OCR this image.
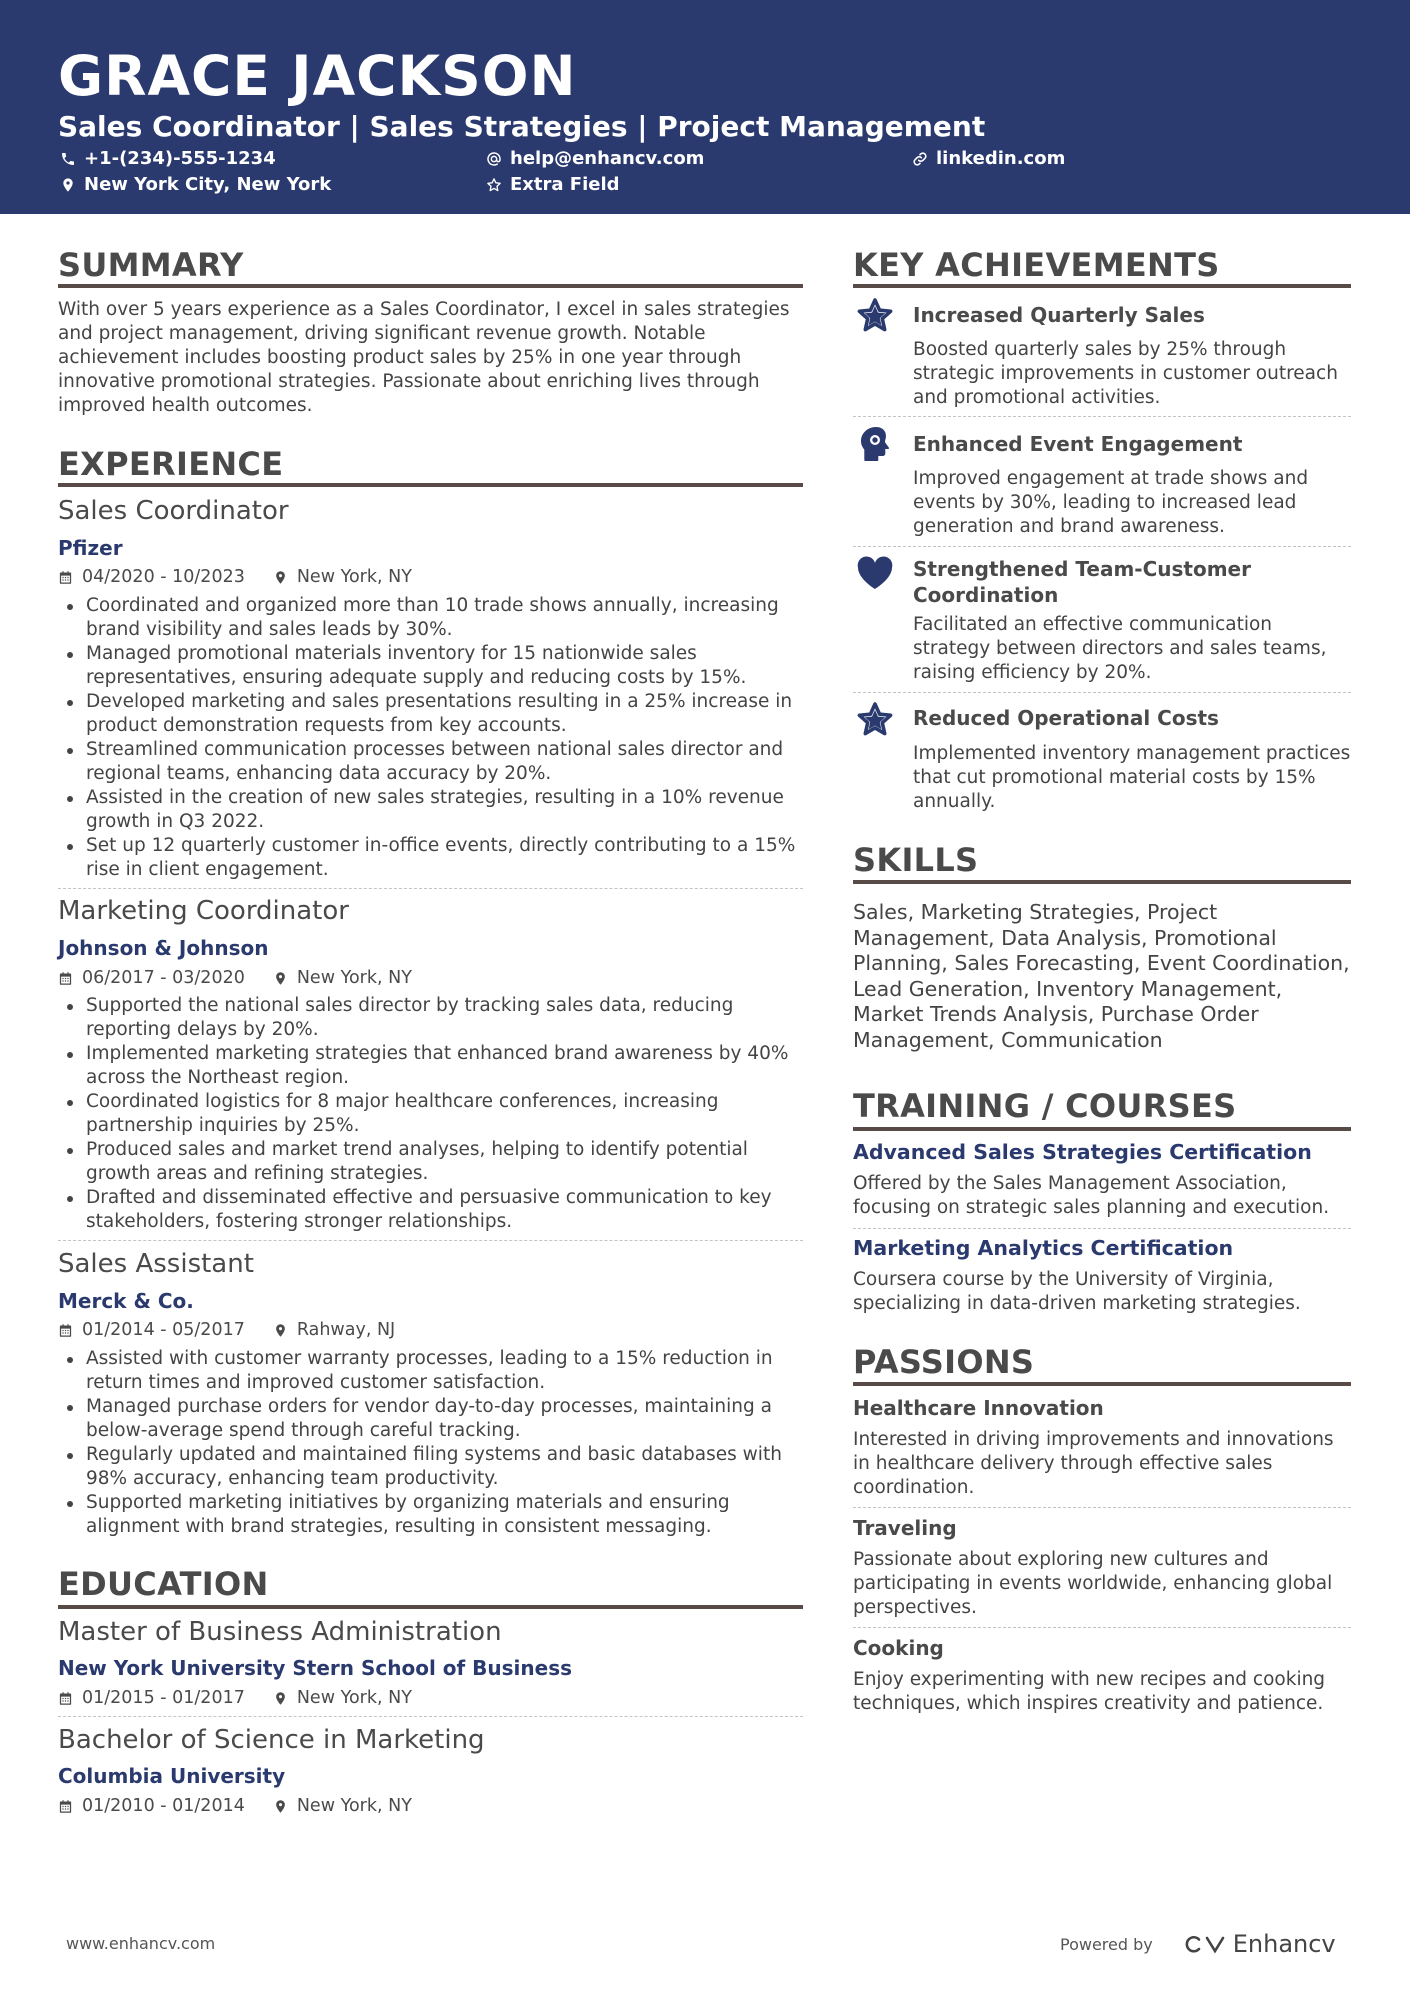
GRACE JACKSON
Sales Coordinator | Sales Strategies | Project Management
+1-(234)-555-1234	help@enhancv.com	linkedin.com
New York City, New York	Extra Field
SUMMARY
With over 5 years experience as a Sales Coordinator, I excel in sales strategies and project management, driving significant revenue growth. Notable achievement includes boosting product sales by 25% in one year through innovative promotional strategies. Passionate about enriching lives through improved health outcomes.
EXPERIENCE
Sales Coordinator
Pfizer
04/2020 - 10/2023	New York, NY
Coordinated and organized more than 10 trade shows annually, increasing brand visibility and sales leads by 30%.
Managed promotional materials inventory for 15 nationwide sales representatives, ensuring adequate supply and reducing costs by 15%.
Developed marketing and sales presentations resulting in a 25% increase in product demonstration requests from key accounts.
Streamlined communication processes between national sales director and regional teams, enhancing data accuracy by 20%.
Assisted in the creation of new sales strategies, resulting in a 10% revenue growth in Q3 2022.
Set up 12 quarterly customer in-office events, directly contributing to a 15% rise in client engagement.
Marketing Coordinator
Johnson & Johnson
06/2017 - 03/2020	New York, NY
Supported the national sales director by tracking sales data, reducing reporting delays by 20%.
Implemented marketing strategies that enhanced brand awareness by 40% across the Northeast region.
Coordinated logistics for 8 major healthcare conferences, increasing partnership inquiries by 25%.
Produced sales and market trend analyses, helping to identify potential growth areas and refining strategies.
Drafted and disseminated effective and persuasive communication to key stakeholders, fostering stronger relationships.
Sales Assistant
Merck & Co.
01/2014 - 05/2017	Rahway, NJ
Assisted with customer warranty processes, leading to a 15% reduction in return times and improved customer satisfaction.
Managed purchase orders for vendor day-to-day processes, maintaining a below-average spend through careful tracking.
Regularly updated and maintained filing systems and basic databases with 98% accuracy, enhancing team productivity.
Supported marketing initiatives by organizing materials and ensuring alignment with brand strategies, resulting in consistent messaging.
EDUCATION
Master of Business Administration
New York University Stern School of Business
01/2015 - 01/2017	New York, NY
Bachelor of Science in Marketing
Columbia University
01/2010 - 01/2014	New York, NY
KEY ACHIEVEMENTS
Increased Quarterly Sales
Boosted quarterly sales by 25% through strategic improvements in customer outreach and promotional activities.
Enhanced Event Engagement
Improved engagement at trade shows and events by 30%, leading to increased lead generation and brand awareness.
Strengthened Team-Customer Coordination
Facilitated an effective communication strategy between directors and sales teams, raising efficiency by 20%.
Reduced Operational Costs
Implemented inventory management practices that cut promotional material costs by 15% annually.
SKILLS
Sales, Marketing Strategies, Project Management, Data Analysis, Promotional Planning, Sales Forecasting, Event Coordination, Lead Generation, Inventory Management, Market Trends Analysis, Purchase Order Management, Communication
TRAINING / COURSES
Advanced Sales Strategies Certification
Offered by the Sales Management Association, focusing on strategic sales planning and execution.
Marketing Analytics Certification
Coursera course by the University of Virginia, specializing in data-driven marketing strategies.
PASSIONS
Healthcare Innovation
Interested in driving improvements and innovations in healthcare delivery through effective sales coordination.
Traveling
Passionate about exploring new cultures and participating in events worldwide, enhancing global perspectives.
Cooking
Enjoy experimenting with new recipes and cooking techniques, which inspires creativity and patience.
www.enhancv.com	Powered by	Enhancv
